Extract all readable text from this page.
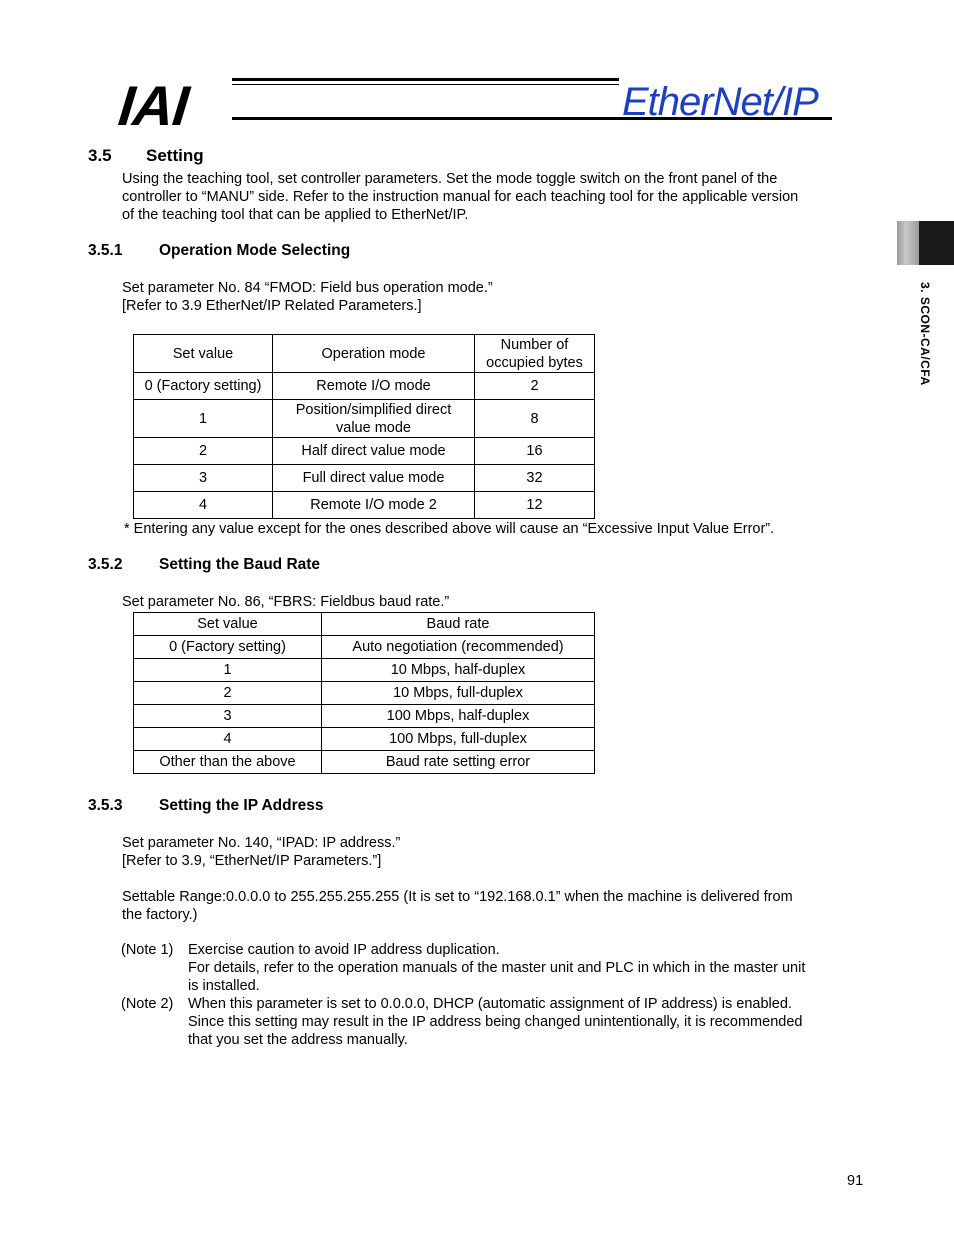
IAI	EtherNet/IP
3. SCON-CA/CFA
3.5 Setting
Using the teaching tool, set controller parameters. Set the mode toggle switch on the front panel of the
controller to “MANU” side. Refer to the instruction manual for each teaching tool for the applicable version
of the teaching tool that can be applied to EtherNet/IP.
3.5.1 Operation Mode Selecting
Set parameter No. 84 “FMOD: Field bus operation mode.”
[Refer to 3.9 EtherNet/IP Related Parameters.]
Set value	Operation mode	Number of
occupied bytes

0 (Factory setting)	Remote I/O mode	2
1	Position/simplified direct
value mode	8
2	Half direct value mode	16
3	Full direct value mode	32
4	Remote I/O mode 2	12
* Entering any value except for the ones described above will cause an “Excessive Input Value Error”.
3.5.2 Setting the Baud Rate
Set parameter No. 86, “FBRS: Fieldbus baud rate.”
Set value	Baud rate
0 (Factory setting)	Auto negotiation (recommended)
1	10 Mbps, half-duplex
2	10 Mbps, full-duplex
3	100 Mbps, half-duplex
4	100 Mbps, full-duplex
Other than the above	Baud rate setting error
3.5.3 Setting the IP Address
Set parameter No. 140, “IPAD: IP address.”
[Refer to 3.9, “EtherNet/IP Parameters.”]
Settable Range:0.0.0.0 to 255.255.255.255 (It is set to “192.168.0.1” when the machine is delivered from
the factory.)
(Note 1) Exercise caution to avoid IP address duplication.
For details, refer to the operation manuals of the master unit and PLC in which in the master unit
is installed.
(Note 2) When this parameter is set to 0.0.0.0, DHCP (automatic assignment of IP address) is enabled.
Since this setting may result in the IP address being changed unintentionally, it is recommended
that you set the address manually.
91
